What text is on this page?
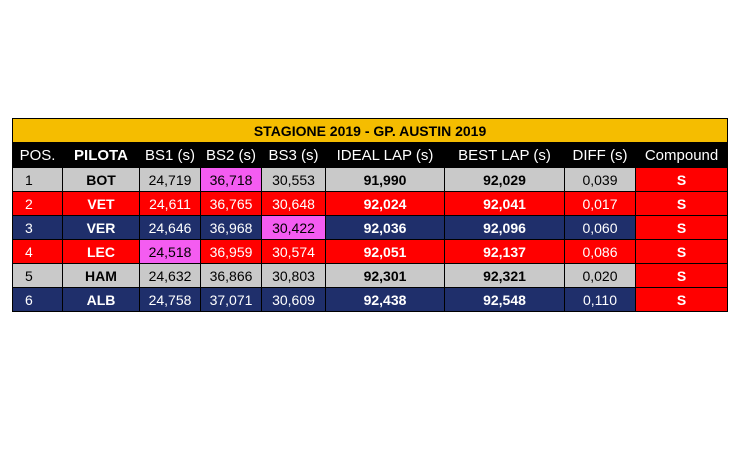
STAGIONE 2019 - GP. AUSTIN 2019								
POS.	PILOTA	BS1 (s)	BS2 (s)	BS3 (s)	IDEAL LAP (s)	BEST LAP (s)	DIFF (s)	Compound
1	BOT	24,719	36,718	30,553	91,990	92,029	0,039	S
2	VET	24,611	36,765	30,648	92,024	92,041	0,017	S
3	VER	24,646	36,968	30,422	92,036	92,096	0,060	S
4	LEC	24,518	36,959	30,574	92,051	92,137	0,086	S
5	HAM	24,632	36,866	30,803	92,301	92,321	0,020	S
6	ALB	24,758	37,071	30,609	92,438	92,548	0,110	S
